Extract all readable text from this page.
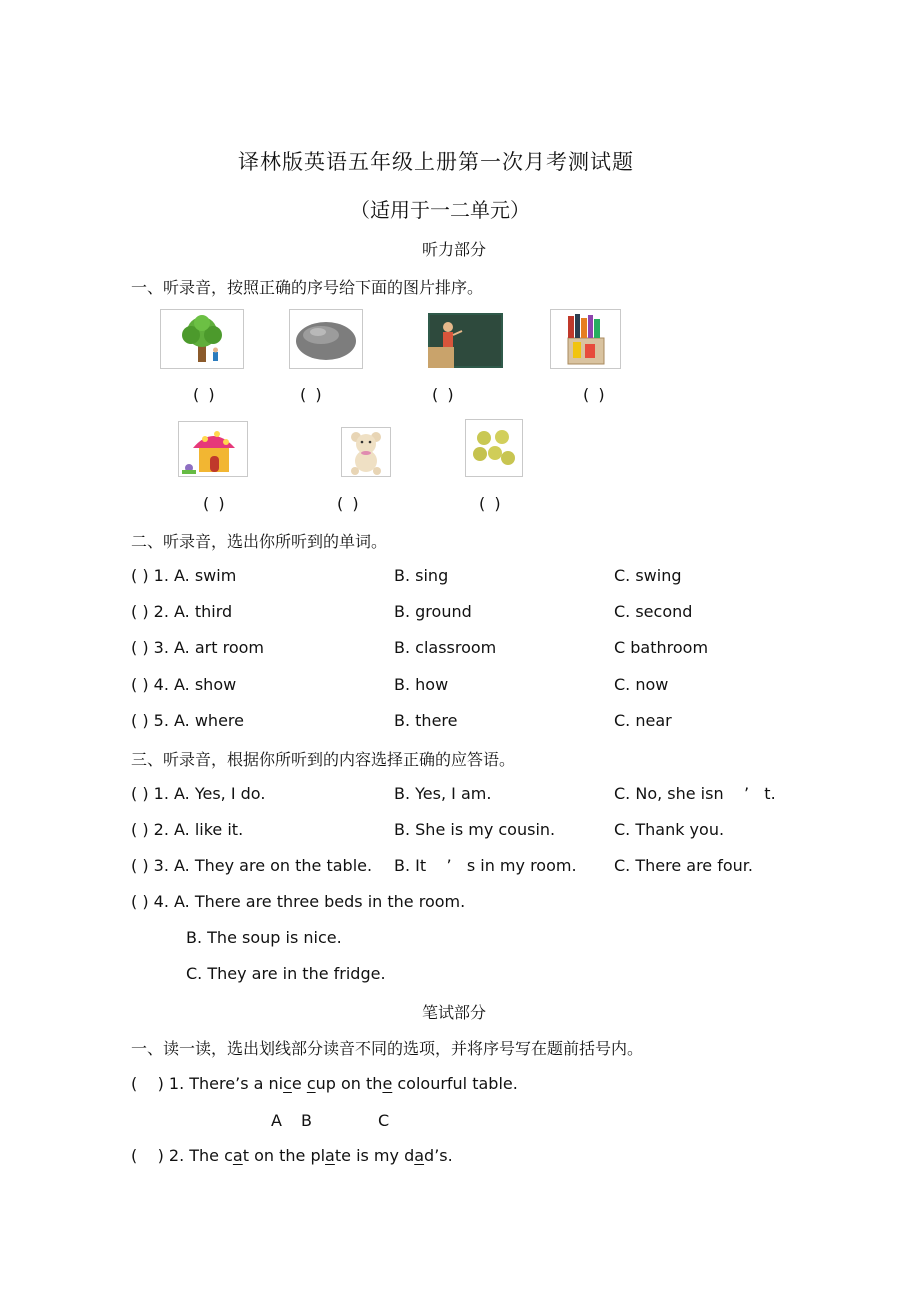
译林版英语五年级上册第一次月考测试题
（适用于一二单元）
听力部分
一、听录音，按照正确的序号给下面的图片排序。
( )	( )	( )	( )
( )	( )	( )
二、听录音，选出你所听到的单词。
( ) 1. A. swim	B. sing	C. swing
( ) 2. A. third	B. ground	C. second
( ) 3. A. art room	B. classroom	C bathroom
( ) 4. A. show	B. how	C. now
( ) 5. A. where	B. there	C. near
三、听录音，根据你所听到的内容选择正确的应答语。
( ) 1. A. Yes, I do.	B. Yes, I am.	C. No, she isn    ’   t.
( ) 2. A. like it.	B. She is my cousin.	C. Thank you.
( ) 3. A. They are on the table. B. It    ’   s in my room. C. There are four.
( ) 4. A. There are three beds in the room.
B. The soup is nice.
C. They are in the fridge.
笔试部分
一、读一读，选出划线部分读音不同的选项，并将序号写在题前括号内。
(    ) 1. There’s a nice cup on the colourful table.
A B	C
(    ) 2. The cat on the plate is my dad’s.
